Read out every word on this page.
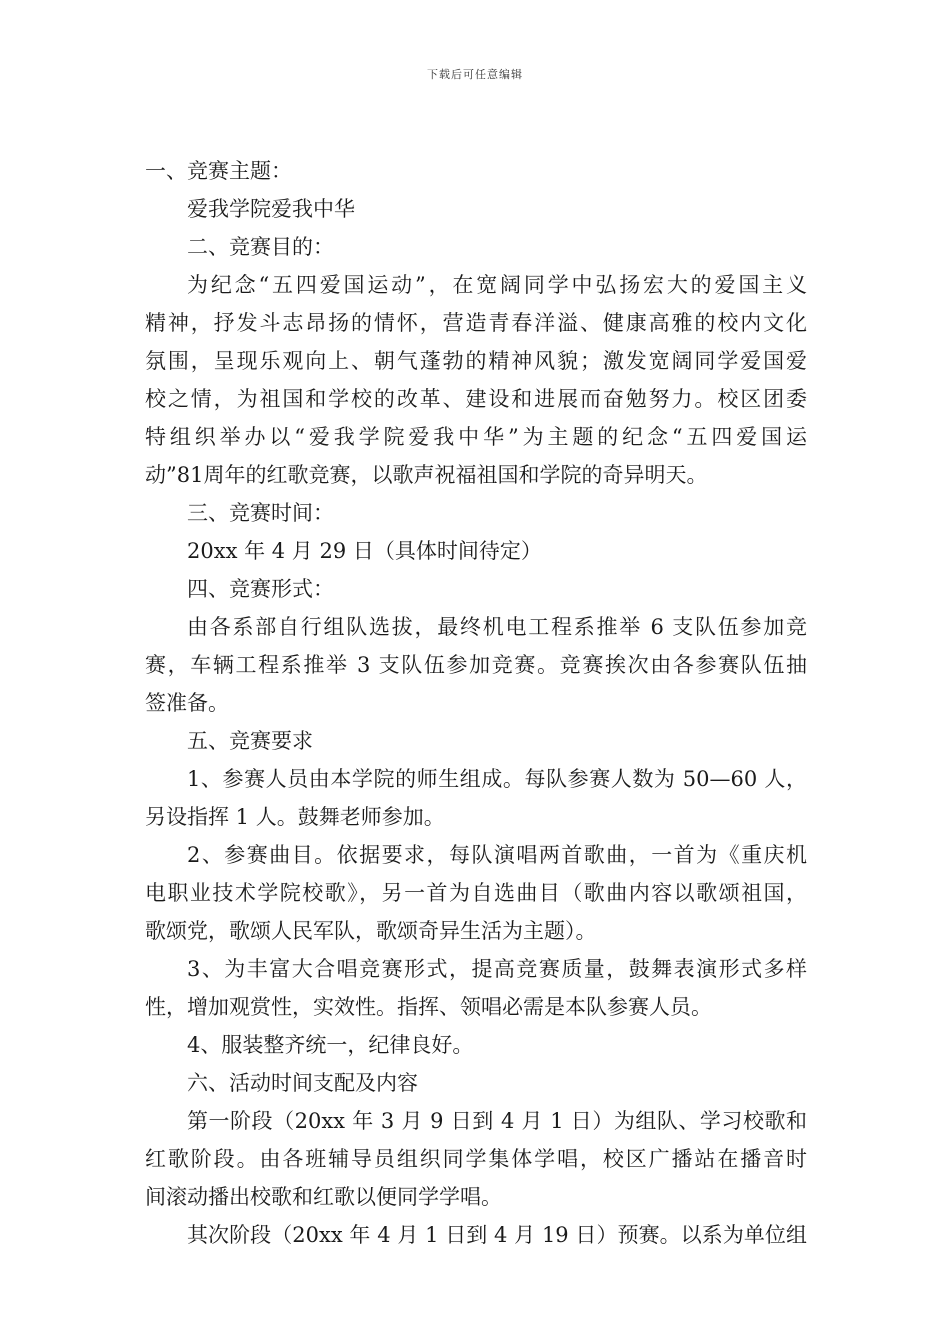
下载后可任意编辑
一、竞赛主题：
爱我学院爱我中华
二、竞赛目的：
为纪念“五四爱国运动”，在宽阔同学中弘扬宏大的爱国主义
精神，抒发斗志昂扬的情怀，营造青春洋溢、健康高雅的校内文化
氛围，呈现乐观向上、朝气蓬勃的精神风貌；激发宽阔同学爱国爱
校之情，为祖国和学校的改革、建设和进展而奋勉努力。校区团委
特组织举办以“爱我学院爱我中华”为主题的纪念“五四爱国运
动”81周年的红歌竞赛，以歌声祝福祖国和学院的奇异明天。
三、竞赛时间：
20xx 年 4 月 29 日（具体时间待定）
四、竞赛形式：
由各系部自行组队选拔，最终机电工程系推举 6 支队伍参加竞
赛，车辆工程系推举 3 支队伍参加竞赛。竞赛挨次由各参赛队伍抽
签准备。
五、竞赛要求
1、参赛人员由本学院的师生组成。每队参赛人数为 50—60 人，
另设指挥 1 人。鼓舞老师参加。
2、参赛曲目。依据要求，每队演唱两首歌曲，一首为《重庆机
电职业技术学院校歌》，另一首为自选曲目（歌曲内容以歌颂祖国，
歌颂党，歌颂人民军队，歌颂奇异生活为主题）。
3、为丰富大合唱竞赛形式，提高竞赛质量，鼓舞表演形式多样
性，增加观赏性，实效性。指挥、领唱必需是本队参赛人员。
4、服装整齐统一，纪律良好。
六、活动时间支配及内容
第一阶段（20xx 年 3 月 9 日到 4 月 1 日）为组队、学习校歌和
红歌阶段。由各班辅导员组织同学集体学唱，校区广播站在播音时
间滚动播出校歌和红歌以便同学学唱。
其次阶段（20xx 年 4 月 1 日到 4 月 19 日）预赛。以系为单位组
